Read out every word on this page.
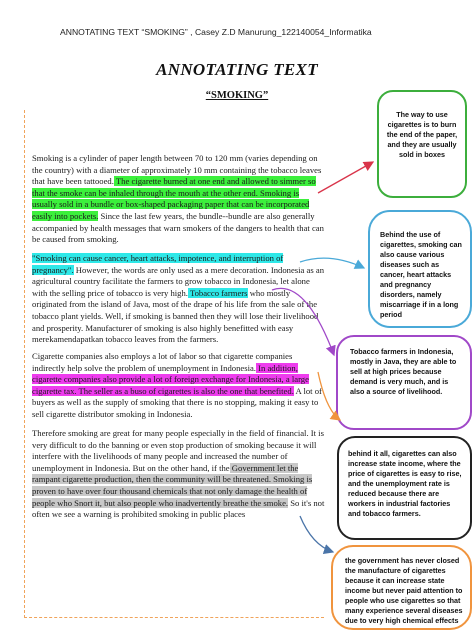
ANNOTATING TEXT “SMOKING” , Casey Z.D Manurung_122140054_Informatika
ANNOTATING TEXT
“SMOKING”
Smoking is a cylinder of paper length between 70 to 120 mm (varies depending on the country) with a diameter of approximately 10 mm containing the tobacco leaves that have been tattooed. The cigarette burned at one end and allowed to simmer so that the smoke can be inhaled through the mouth at the other end. Smoking is usually sold in a bundle or box-shaped packaging paper that can be incorporated easily into pockets. Since the last few years, the bundle--bundle are also generally accompanied by health messages that warn smokers of the dangers to health that can be caused from smoking.
"Smoking can cause cancer, heart attacks, impotence, and interruption of pregnancy". However, the words are only used as a mere decoration. Indonesia as an agricultural country facilitate the farmers to grow tobacco in Indonesia, let alone with the selling price of tobacco is very high. Tobacco farmers who mostly originated from the island of Java, most of the drape of his life from the sale of the tobacco plant yields. Well, if smoking is banned then they will lose their livelihood and prosperity. Manufacturer of smoking is also highly benefitted with easy merekamendapatkan tobacco leaves from the farmers.
Cigarette companies also employs a lot of labor so that cigarette companies indirectly help solve the problem of unemployment in Indonesia. In addition, cigarette companies also provide a lot of foreign exchange for Indonesia, a large cigarette tax. The seller as a buso of cigarettes is also the one that benefited. A lot of buyers as well as the supply of smoking that there is no stopping, making it easy to sell cigarette distributor smoking in Indonesia.
Therefore smoking are great for many people especially in the field of financial. It is very difficult to do the banning or even stop production of smoking because it will interfere with the livelihoods of many people and increased the number of unemployment in Indonesia. But on the other hand, if the Government let the rampant cigarette production, then the community will be threatened. Smoking is proven to have over four thousand chemicals that not only damage the health of people who Snort it, but also people who inadvertently breathe the smoke. So it's not often we see a warning is prohibited smoking in public places
The way to use cigarettes is to burn the end of the paper, and they are usually sold in boxes
Behind the use of cigarettes, smoking can also cause various diseases such as cancer, heart attacks and pregnancy disorders, namely miscarriage if in a long period
Tobacco farmers in Indonesia, mostly in Java, they are able to sell at high prices because demand is very much, and is also a source of livelihood.
behind it all, cigarettes can also increase state income, where the price of cigarettes is easy to rise, and the unemployment rate is reduced because there are workers in industrial factories and tobacco farmers.
the government has never closed the manufacture of cigarettes because it can increase state income but never paid attention to people who use cigarettes so that many experience several diseases due to very high chemical effects
